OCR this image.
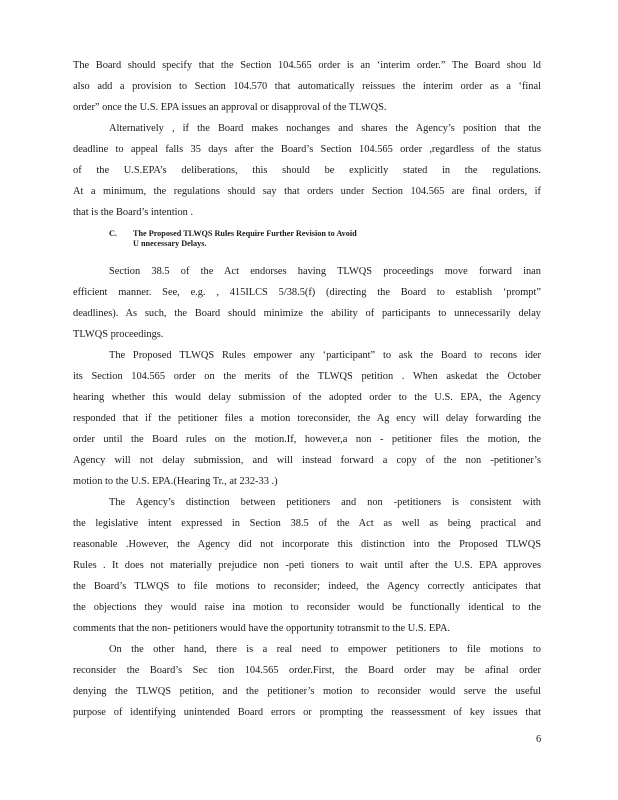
The Board should specify that the Section 104.565 order is an ‘interim order.” The Board shou ld
also add a provision to Section 104.570 that automatically reissues the interim order as a ‘final
order” once the U.S. EPA issues an approval or disapproval of the TLWQS.
Alternatively , if the Board makes nochanges and shares the Agency’s position that the
deadline to appeal falls 35 days after the Board’s Section 104.565 order ,regardless of the status
of the U.S.EPA’s deliberations, this should be explicitly stated in the regulations.
At a minimum, the regulations should say that orders under Section 104.565 are final orders, if
that is the Board’s intention .
C. The Proposed TLWQS Rules Require Further Revision to Avoid
U nnecessary Delays.
Section 38.5 of the Act endorses having TLWQS proceedings move forward inan
efficient manner. See, e.g. , 415ILCS 5/38.5(f) (directing the Board to establish ‘prompt”
deadlines). As such, the Board should minimize the ability of participants to unnecessarily delay
TLWQS proceedings.
The Proposed TLWQS Rules empower any ‘participant” to ask the Board to recons ider
its Section 104.565 order on the merits of the TLWQS petition . When askedat the October
hearing whether this would delay submission of the adopted order to the U.S. EPA, the Agency
responded that if the petitioner files a motion toreconsider, the Ag ency will delay forwarding the
order until the Board rules on the motion.If, however,a non - petitioner files the motion, the
Agency will not delay submission, and will instead forward a copy of the non -petitioner’s
motion to the U.S. EPA.(Hearing Tr., at 232-33 .)
The Agency’s distinction between petitioners and non -petitioners is consistent with
the legislative intent expressed in Section 38.5 of the Act as well as being practical and
reasonable .However, the Agency did not incorporate this distinction into the Proposed TLWQS
Rules . It does not materially prejudice non -peti tioners to wait until after the U.S. EPA approves
the Board’s TLWQS to file motions to reconsider; indeed, the Agency correctly anticipates that
the objections they would raise ina motion to reconsider would be functionally identical to the
comments that the non- petitioners would have the opportunity totransmit to the U.S. EPA.
On the other hand, there is a real need to empower petitioners to file motions to
reconsider the Board’s Sec tion 104.565 order.First, the Board order may be afinal order
denying the TLWQS petition, and the petitioner’s motion to reconsider would serve the useful
purpose of identifying unintended Board errors or prompting the reassessment of key issues that
6
